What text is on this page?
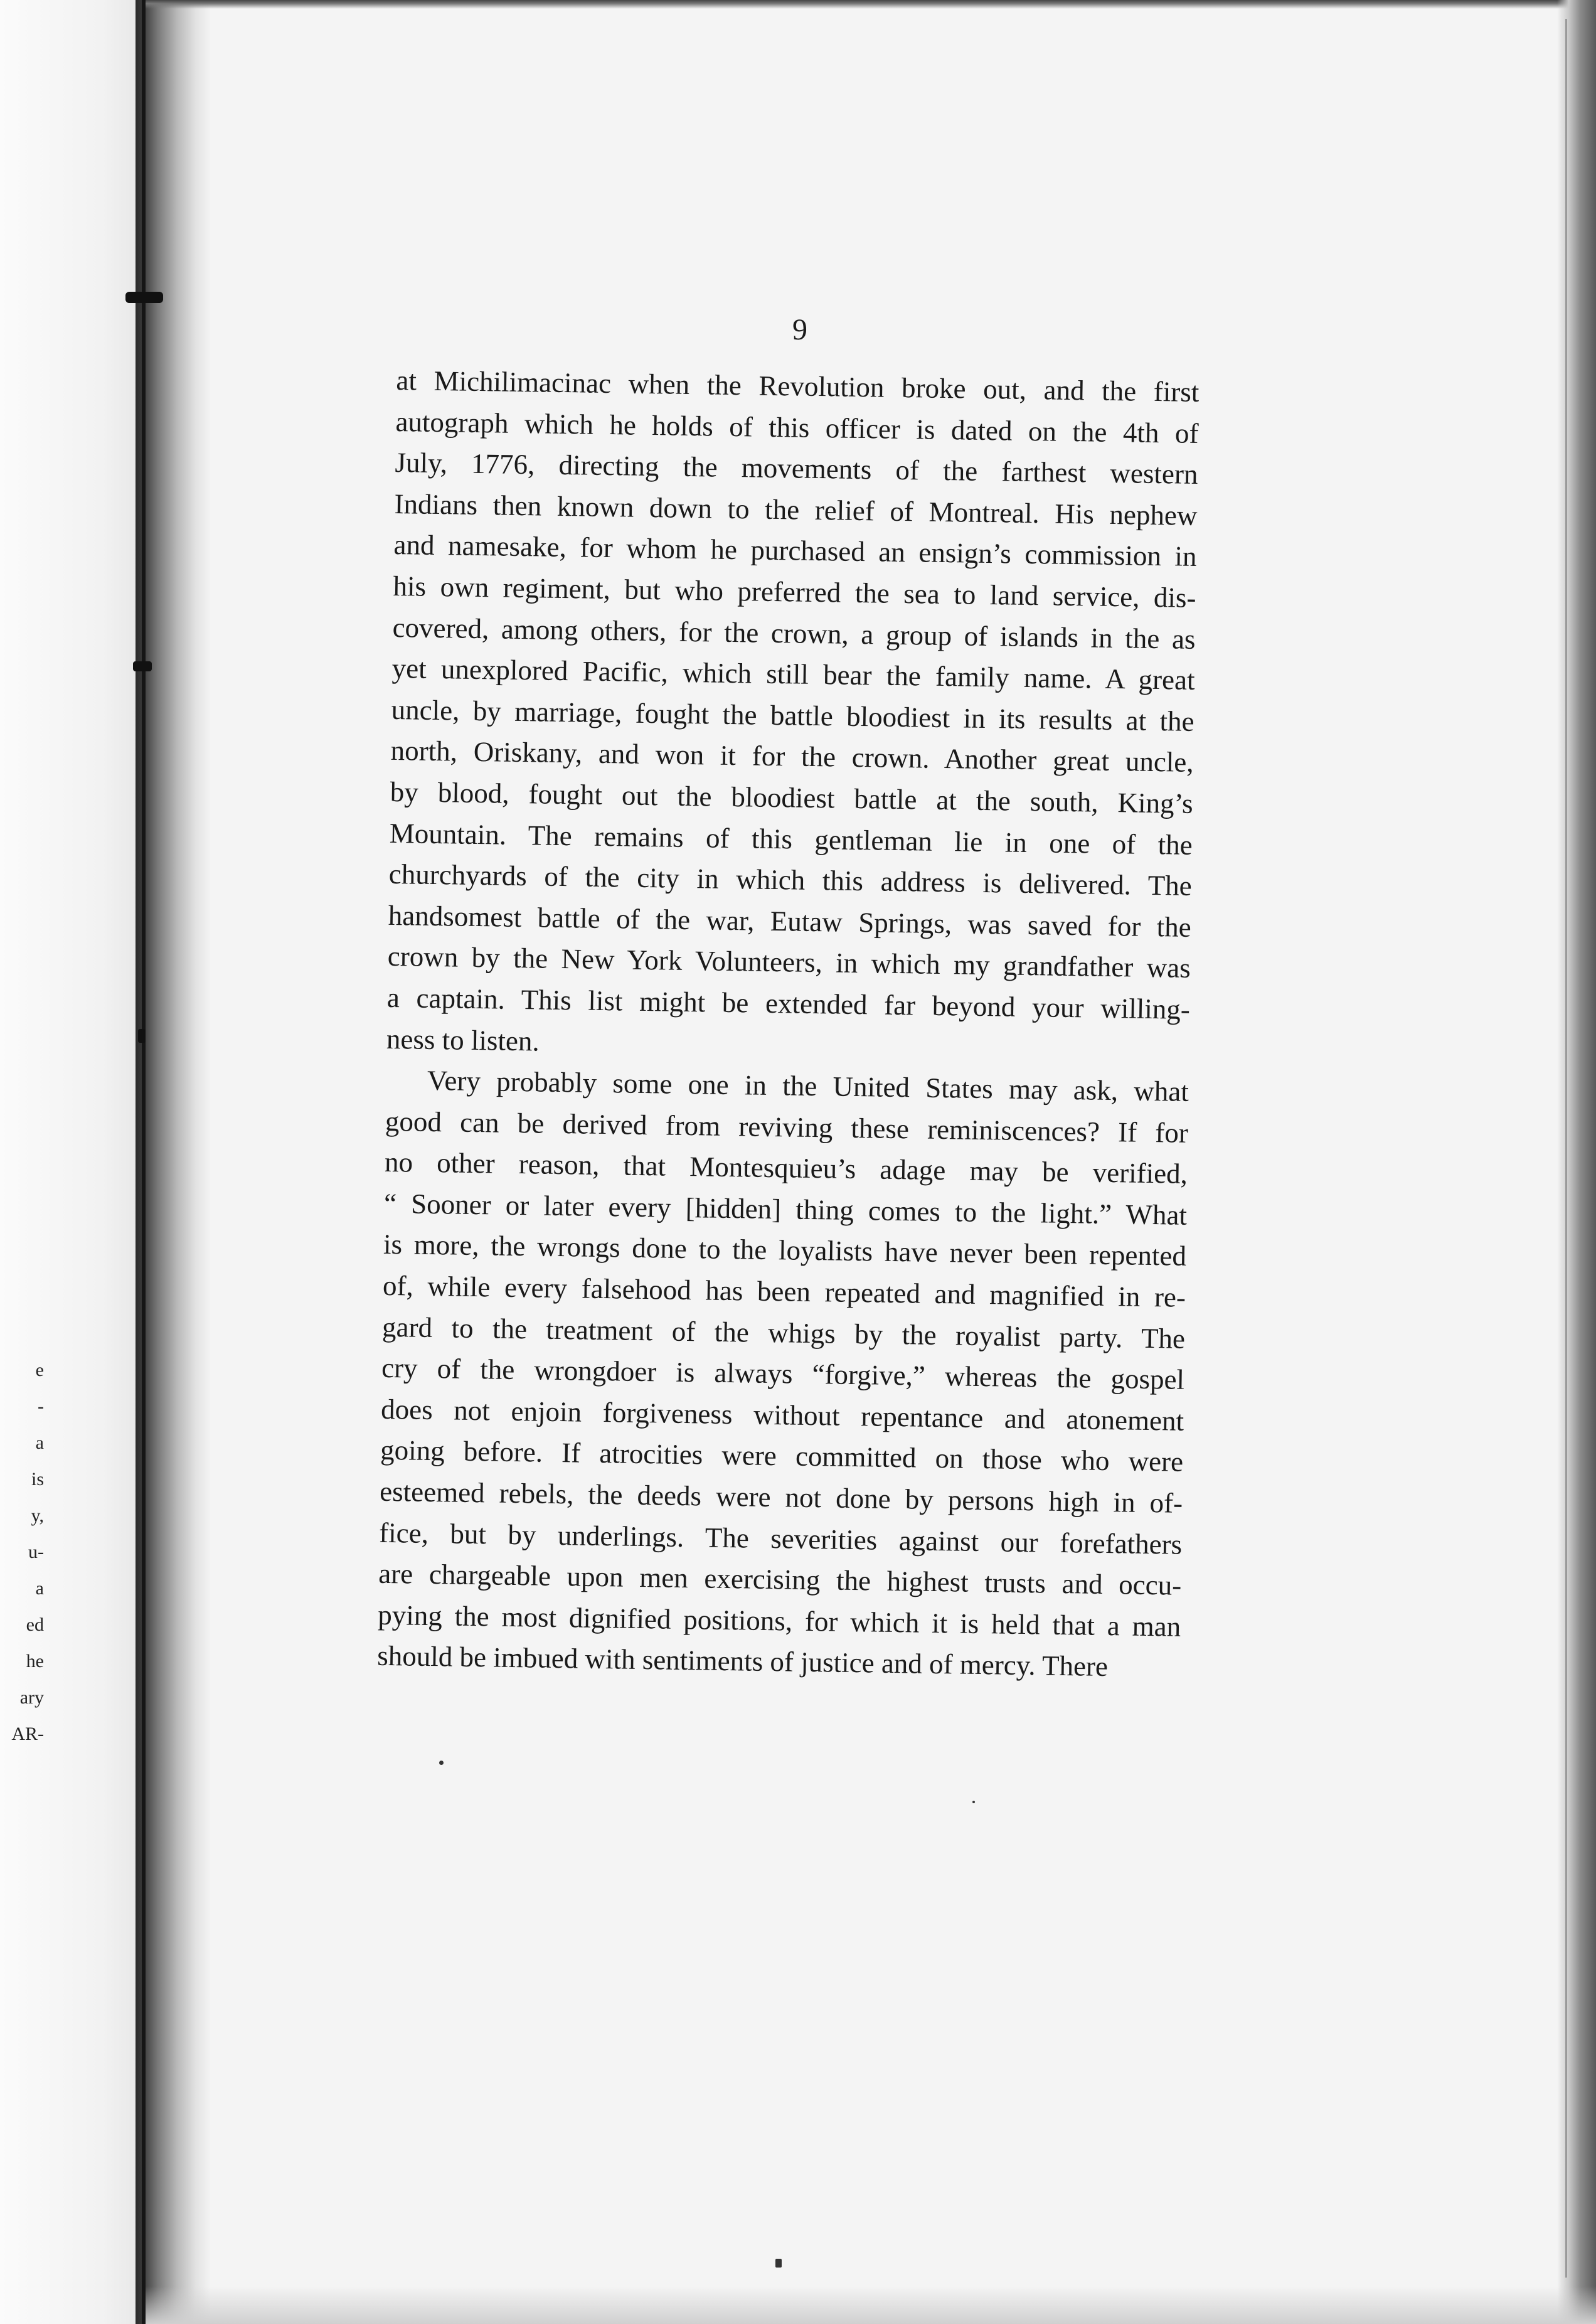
e
-
a
is
y,
u-
a
ed
he
ary
AR-
9
at Michilimacinac when the Revolution broke out, and the first
autograph which he holds of this officer is dated on the 4th of
July, 1776, directing the movements of the farthest western
Indians then known down to the relief of Montreal. His nephew
and namesake, for whom he purchased an ensign’s commission in
his own regiment, but who preferred the sea to land service, dis-
covered, among others, for the crown, a group of islands in the as
yet unexplored Pacific, which still bear the family name. A great
uncle, by marriage, fought the battle bloodiest in its results at the
north, Oriskany, and won it for the crown. Another great uncle,
by blood, fought out the bloodiest battle at the south, King’s
Mountain. The remains of this gentleman lie in one of the
churchyards of the city in which this address is delivered. The
handsomest battle of the war, Eutaw Springs, was saved for the
crown by the New York Volunteers, in which my grandfather was
a captain. This list might be extended far beyond your willing-
ness to listen.
Very probably some one in the United States may ask, what
good can be derived from reviving these reminiscences? If for
no other reason, that Montesquieu’s adage may be verified,
“ Sooner or later every [hidden] thing comes to the light.” What
is more, the wrongs done to the loyalists have never been repented
of, while every falsehood has been repeated and magnified in re-
gard to the treatment of the whigs by the royalist party. The
cry of the wrongdoer is always “forgive,” whereas the gospel
does not enjoin forgiveness without repentance and atonement
going before. If atrocities were committed on those who were
esteemed rebels, the deeds were not done by persons high in of-
fice, but by underlings. The severities against our forefathers
are chargeable upon men exercising the highest trusts and occu-
pying the most dignified positions, for which it is held that a man
should be imbued with sentiments of justice and of mercy. There
